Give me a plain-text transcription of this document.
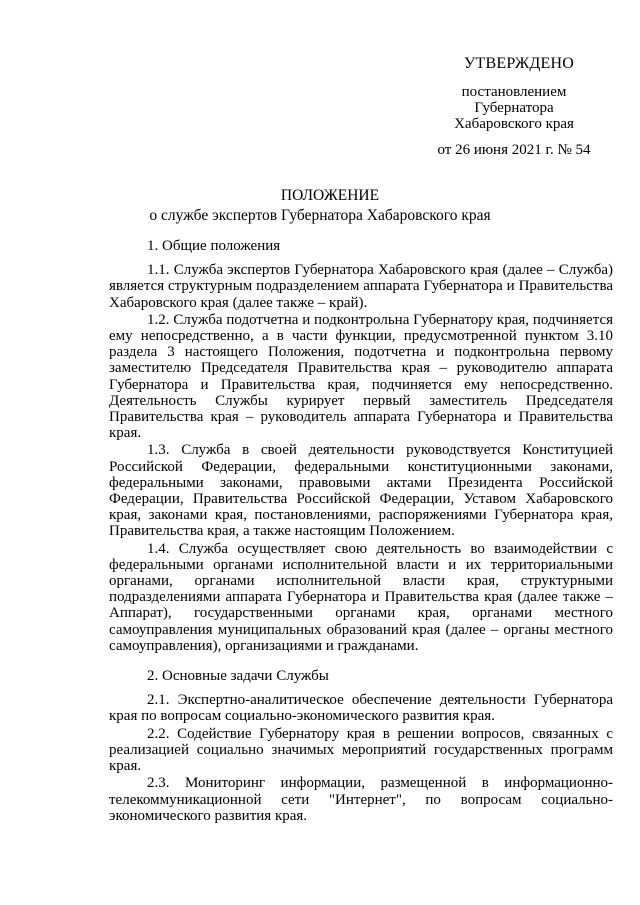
УТВЕРЖДЕНО
постановлением
Губернатора
Хабаровского края
от 26 июня 2021 г. № 54
ПОЛОЖЕНИЕ
о службе экспертов Губернатора Хабаровского края
1. Общие положения

1.1. Служба экспертов Губернатора Хабаровского края (далее – Служба) является структурным подразделением аппарата Губернатора и Правительства Хабаровского края (далее также – край).

1.2. Служба подотчетна и подконтрольна Губернатору края, подчиняется ему непосредственно, а в части функции, предусмотренной пунктом 3.10 раздела 3 настоящего Положения, подотчетна и подконтрольна первому заместителю Председателя Правительства края – руководителю аппарата Губернатора и Правительства края, подчиняется ему непосредственно. Деятельность Службы курирует первый заместитель Председателя Правительства края – руководитель аппарата Губернатора и Правительства края.

1.3. Служба в своей деятельности руководствуется Конституцией Российской Федерации, федеральными конституционными законами, федеральными законами, правовыми актами Президента Российской Федерации, Правительства Российской Федерации, Уставом Хабаровского края, законами края, постановлениями, распоряжениями Губернатора края, Правительства края, а также настоящим Положением.

1.4. Служба осуществляет свою деятельность во взаимодействии с федеральными органами исполнительной власти и их территориальными органами, органами исполнительной власти края, структурными подразделениями аппарата Губернатора и Правительства края (далее также – Аппарат), государственными органами края, органами местного самоуправления муниципальных образований края (далее – органы местного самоуправления), организациями и гражданами.

2. Основные задачи Службы

2.1. Экспертно-аналитическое обеспечение деятельности Губернатора края по вопросам социально-экономического развития края.

2.2. Содействие Губернатору края в решении вопросов, связанных с реализацией социально значимых мероприятий государственных программ края.

2.3. Мониторинг информации, размещенной в информационно-телекоммуникационной сети "Интернет", по вопросам социально-экономического развития края.
